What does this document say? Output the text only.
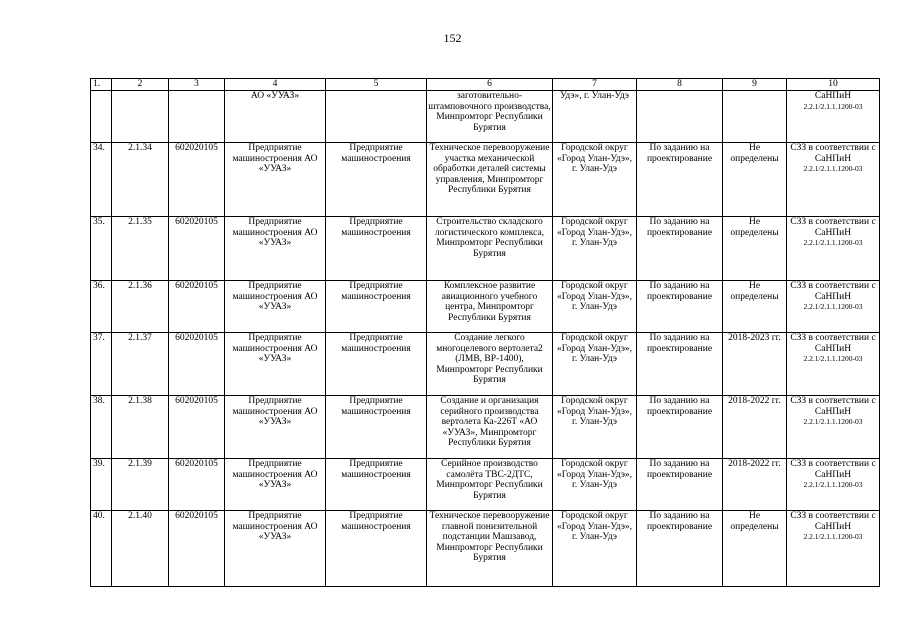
152
1.	2	3	4	5	6	7	8	9	10
			АО «УУАЗ»		заготовительно-штамповочного производства, Минпромторг Республики Бурятия	Удэ», г. Улан-Удэ			СаНПиН
2.2.1/2.1.1.1200-03

34.	2.1.34	602020105	Предприятие машиностроения АО «УУАЗ»	Предприятие машиностроения	Техническое перевооружение участка механической обработки деталей системы управления, Минпромторг Республики Бурятия	Городской округ «Город Улан-Удэ», г. Улан-Удэ	По заданию на проектирование	Не определены	СЗЗ в соответствии с СаНПиН
2.2.1/2.1.1.1200-03

35.	2.1.35	602020105	Предприятие машиностроения АО «УУАЗ»	Предприятие машиностроения	Строительство складского логистического комплекса, Минпромторг Республики Бурятия	Городской округ «Город Улан-Удэ», г. Улан-Удэ	По заданию на проектирование	Не определены	СЗЗ в соответствии с СаНПиН
2.2.1/2.1.1.1200-03

36.	2.1.36	602020105	Предприятие машиностроения АО «УУАЗ»	Предприятие машиностроения	Комплексное развитие авиационного учебного центра, Минпромторг Республики Бурятия	Городской округ «Город Улан-Удэ», г. Улан-Удэ	По заданию на проектирование	Не определены	СЗЗ в соответствии с СаНПиН
2.2.1/2.1.1.1200-03

37.	2.1.37	602020105	Предприятие машиностроения АО «УУАЗ»	Предприятие машиностроения	Создание легкого многоцелевого вертолета2 (ЛМВ, ВР-1400), Минпромторг Республики Бурятия	Городской округ «Город Улан-Удэ», г. Улан-Удэ	По заданию на проектирование	2018-2023 гг.	СЗЗ в соответствии с СаНПиН
2.2.1/2.1.1.1200-03

38.	2.1.38	602020105	Предприятие машиностроения АО «УУАЗ»	Предприятие машиностроения	Создание и организация серийного производства вертолета Ка-226Т «АО «УУАЗ», Минпромторг Республики Бурятия	Городской округ «Город Улан-Удэ», г. Улан-Удэ	По заданию на проектирование	2018-2022 гг.	СЗЗ в соответствии с СаНПиН
2.2.1/2.1.1.1200-03

39.	2.1.39	602020105	Предприятие машиностроения АО «УУАЗ»	Предприятие машиностроения	Серийное производство самолёта ТВС-2ДТС, Минпромторг Республики Бурятия	Городской округ «Город Улан-Удэ», г. Улан-Удэ	По заданию на проектирование	2018-2022 гг.	СЗЗ в соответствии с СаНПиН
2.2.1/2.1.1.1200-03

40.	2.1.40	602020105	Предприятие машиностроения АО «УУАЗ»	Предприятие машиностроения	Техническое перевооружение главной понизительной подстанции Машзавод, Минпромторг Республики Бурятия	Городской округ «Город Улан-Удэ», г. Улан-Удэ	По заданию на проектирование	Не определены	СЗЗ в соответствии с СаНПиН
2.2.1/2.1.1.1200-03
